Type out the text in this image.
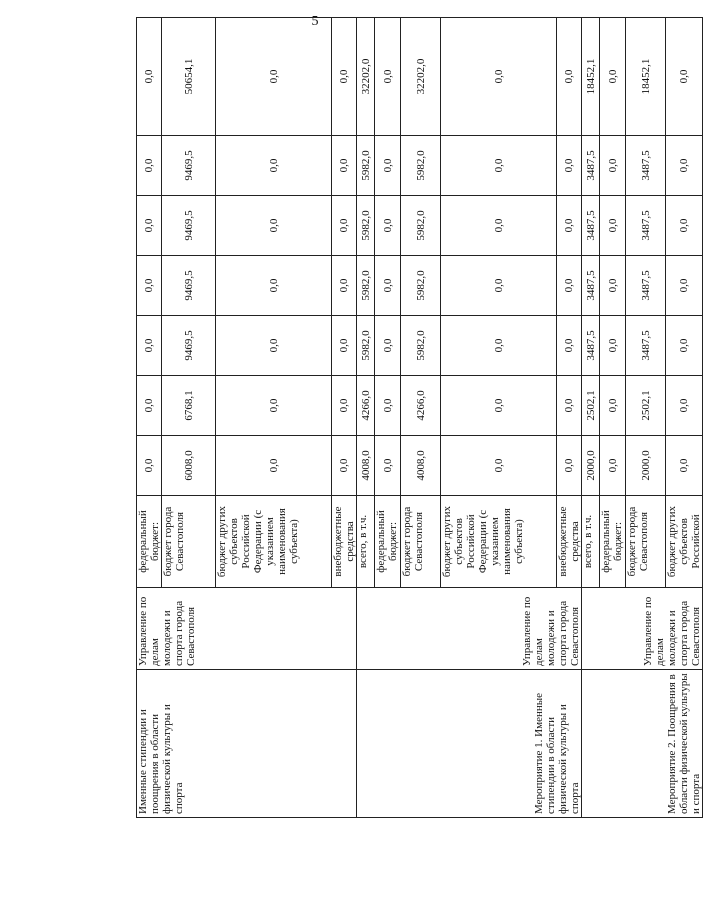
5
Именные стипендии и поощрения в области физической культуры и спорта	Управление по делам молодежи и спорта города Севастополя	федеральный бюджет:	0,0	0,0	0,0	0,0	0,0	0,0	0,0
		бюджет города Севастополя	6008,0	6768,1	9469,5	9469,5	9469,5	9469,5	50654,1
		бюджет других субъектов Российской Федерации (с указанием наименования субъекта)	0,0	0,0	0,0	0,0	0,0	0,0	0,0
		внебюджетные средства	0,0	0,0	0,0	0,0	0,0	0,0	0,0
Мероприятие 1. Именные стипендии в области физической культуры и спорта	Управление по делам молодежи и спорта города Севастополя	всего, в т.ч.	4008,0	4266,0	5982,0	5982,0	5982,0	5982,0	32202,0
		федеральный бюджет:	0,0	0,0	0,0	0,0	0,0	0,0	0,0
		бюджет города Севастополя	4008,0	4266,0	5982,0	5982,0	5982,0	5982,0	32202,0
		бюджет других субъектов Российской Федерации (с указанием наименования субъекта)	0,0	0,0	0,0	0,0	0,0	0,0	0,0
		внебюджетные средства	0,0	0,0	0,0	0,0	0,0	0,0	0,0
Мероприятие 2. Поощрения в области физической культуры и спорта	Управление по делам молодежи и спорта города Севастополя	всего, в т.ч.	2000,0	2502,1	3487,5	3487,5	3487,5	3487,5	18452,1
		федеральный бюджет:	0,0	0,0	0,0	0,0	0,0	0,0	0,0
		бюджет города Севастополя	2000,0	2502,1	3487,5	3487,5	3487,5	3487,5	18452,1
		бюджет других субъектов Российской	0,0	0,0	0,0	0,0	0,0	0,0	0,0
